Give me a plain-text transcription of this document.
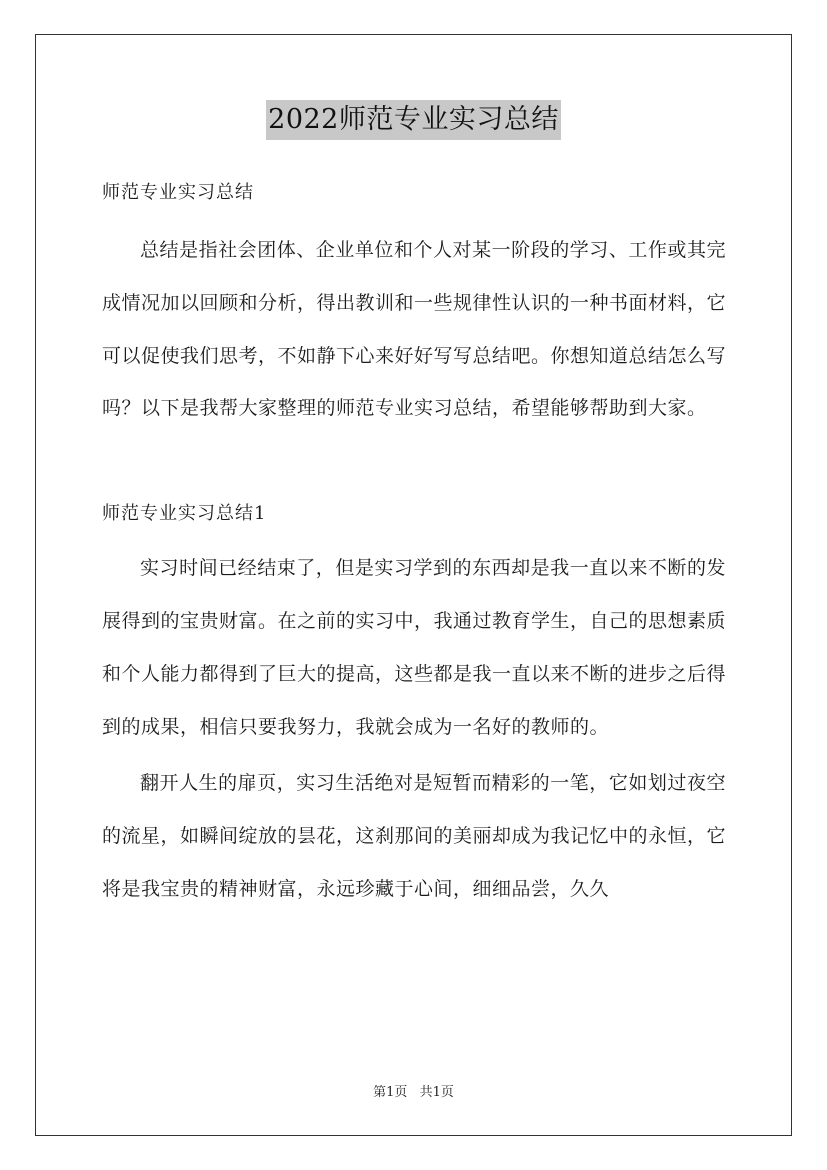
2022师范专业实习总结

师范专业实习总结

总结是指社会团体、企业单位和个人对某一阶段的学习、工作或其完成情况加以回顾和分析，得出教训和一些规律性认识的一种书面材料，它可以促使我们思考，不如静下心来好好写写总结吧。你想知道总结怎么写吗？以下是我帮大家整理的师范专业实习总结，希望能够帮助到大家。

师范专业实习总结1

实习时间已经结束了，但是实习学到的东西却是我一直以来不断的发展得到的宝贵财富。在之前的实习中，我通过教育学生，自己的思想素质和个人能力都得到了巨大的提高，这些都是我一直以来不断的进步之后得到的成果，相信只要我努力，我就会成为一名好的教师的。

翻开人生的扉页，实习生活绝对是短暂而精彩的一笔，它如划过夜空的流星，如瞬间绽放的昙花，这刹那间的美丽却成为我记忆中的永恒，它将是我宝贵的精神财富，永远珍藏于心间，细细品尝，久久

第1页 共1页
